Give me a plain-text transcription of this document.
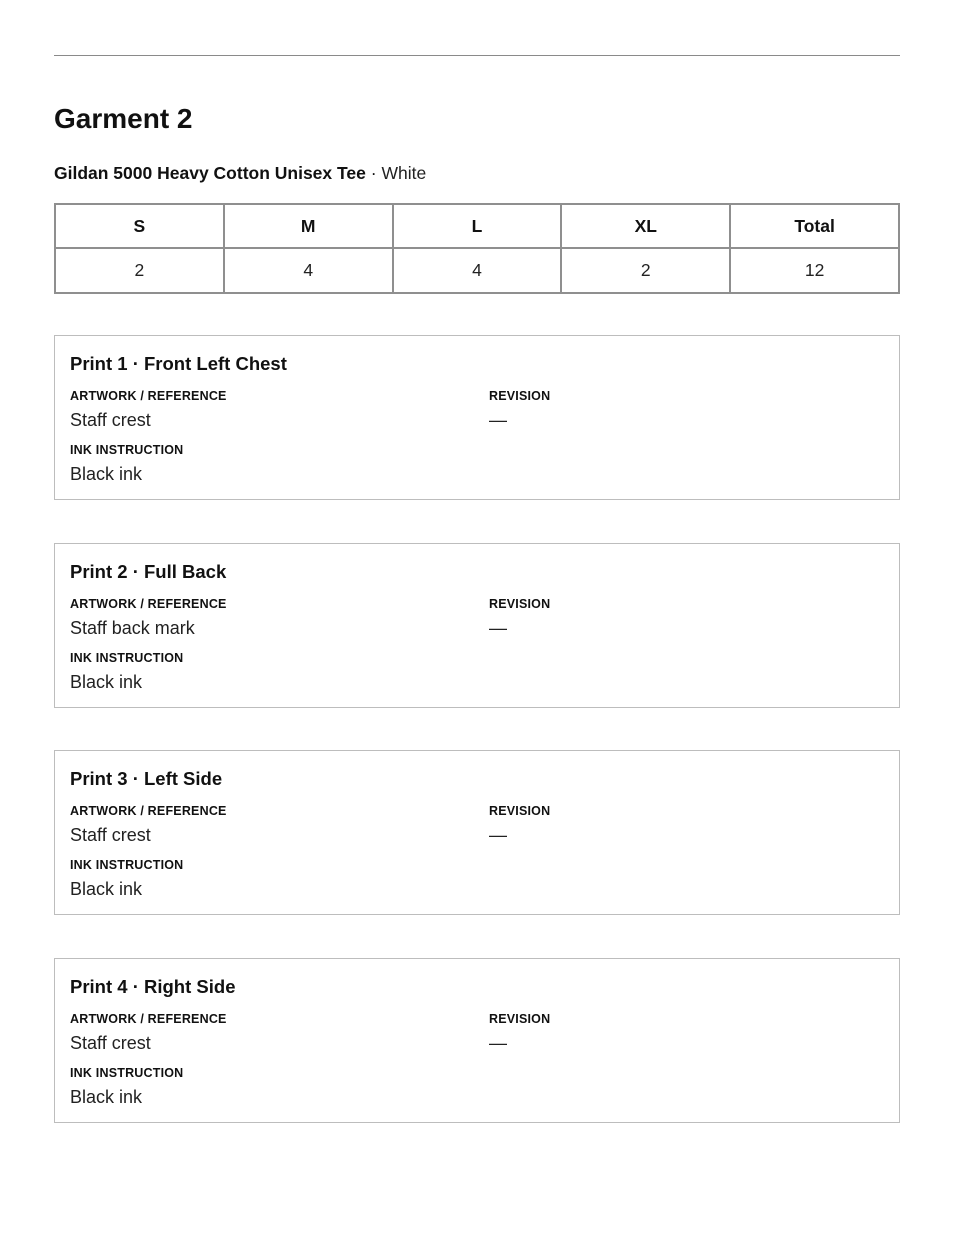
Garment 2
Gildan 5000 Heavy Cotton Unisex Tee · White
S	M	L	XL	Total
2	4	4	2	12
Print 1 · Front Left Chest
ARTWORK / REFERENCE
Staff crest
REVISION
—
INK INSTRUCTION
Black ink
Print 2 · Full Back
ARTWORK / REFERENCE
Staff back mark
REVISION
—
INK INSTRUCTION
Black ink
Print 3 · Left Side
ARTWORK / REFERENCE
Staff crest
REVISION
—
INK INSTRUCTION
Black ink
Print 4 · Right Side
ARTWORK / REFERENCE
Staff crest
REVISION
—
INK INSTRUCTION
Black ink
